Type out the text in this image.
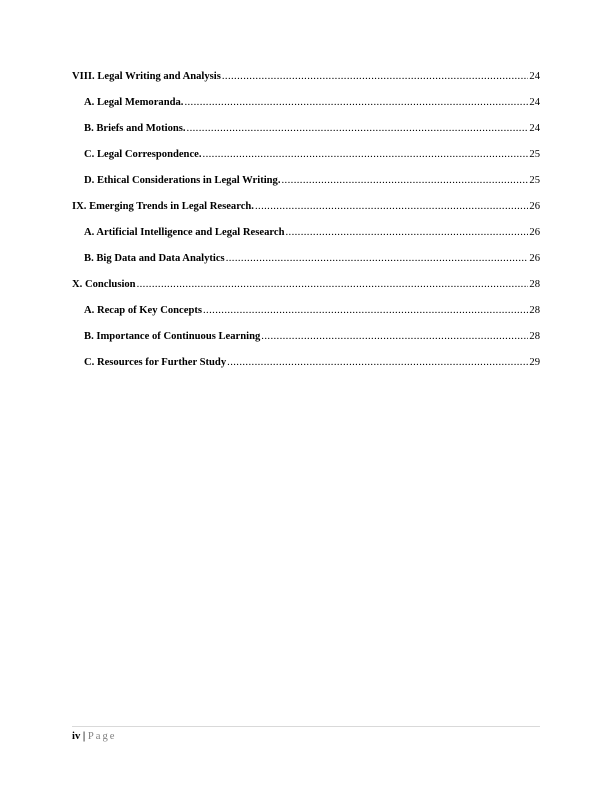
VIII. Legal Writing and Analysis .....	24
A. Legal Memoranda. .....	24
B. Briefs and Motions. .....	24
C. Legal Correspondence. .....	25
D. Ethical Considerations in Legal Writing. .....	25
IX. Emerging Trends in Legal Research. .....	26
A. Artificial Intelligence and Legal Research .....	26
B. Big Data and Data Analytics .....	26
X. Conclusion .....	28
A. Recap of Key Concepts .....	28
B. Importance of Continuous Learning .....	28
C. Resources for Further Study .....	29
iv | Page
